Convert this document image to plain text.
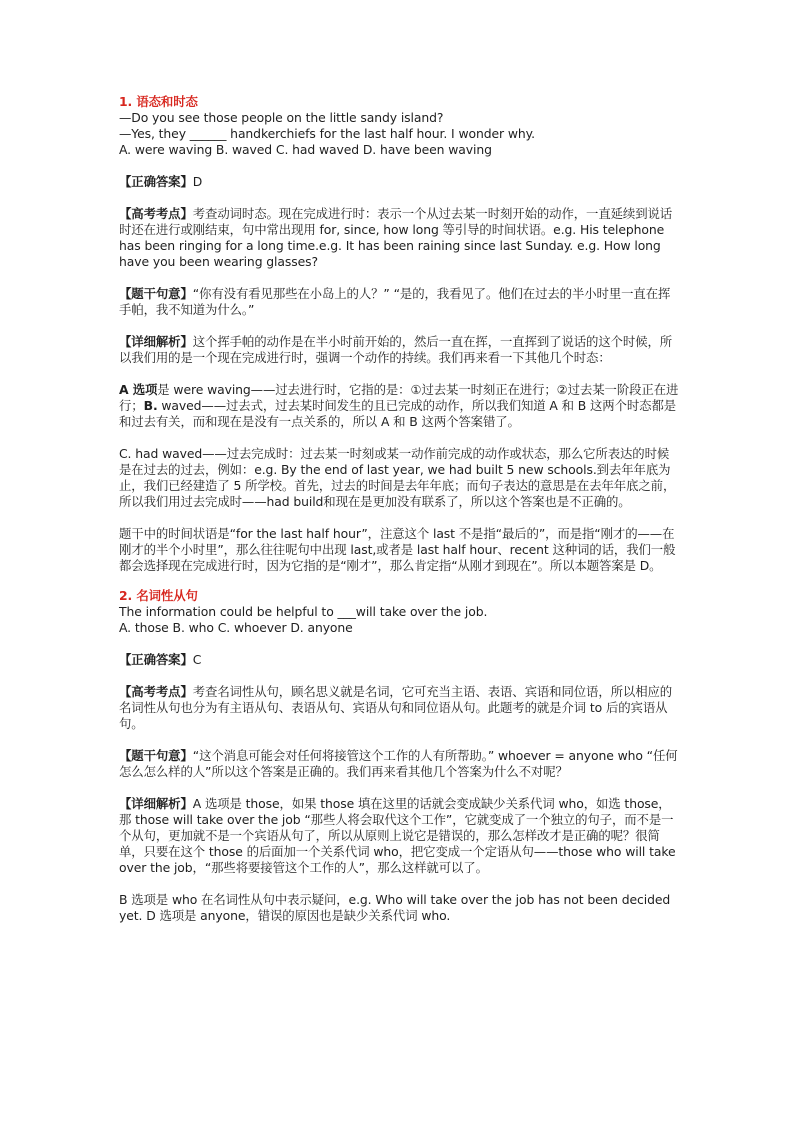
1. 语态和时态

—Do you see those people on the little sandy island?

—Yes, they ______ handkerchiefs for the last half hour. I wonder why.

A. were waving B. waved C. had waved D. have been waving

【正确答案】D

【高考考点】考查动词时态。现在完成进行时：表示一个从过去某一时刻开始的动作，一直延续到说话时还在进行或刚结束，句中常出现用 for, since, how long 等引导的时间状语。e.g. His telephone has been ringing for a long time.e.g. It has been raining since last Sunday. e.g. How long have you been wearing glasses?

【题干句意】“你有没有看见那些在小岛上的人？” “是的，我看见了。他们在过去的半小时里一直在挥手帕，我不知道为什么。”

【详细解析】这个挥手帕的动作是在半小时前开始的，然后一直在挥，一直挥到了说话的这个时候，所以我们用的是一个现在完成进行时，强调一个动作的持续。我们再来看一下其他几个时态：

A 选项是 were waving——过去进行时，它指的是：①过去某一时刻正在进行；②过去某一阶段正在进行；B. waved——过去式，过去某时间发生的且已完成的动作，所以我们知道 A 和 B 这两个时态都是和过去有关，而和现在是没有一点关系的，所以 A 和 B 这两个答案错了。

C. had waved——过去完成时：过去某一时刻或某一动作前完成的动作或状态，那么它所表达的时候是在过去的过去，例如：e.g. By the end of last year, we had built 5 new schools.到去年年底为止，我们已经建造了 5 所学校。首先，过去的时间是去年年底；而句子表达的意思是在去年年底之前，所以我们用过去完成时——had build和现在是更加没有联系了，所以这个答案也是不正确的。

题干中的时间状语是“for the last half hour”，注意这个 last 不是指“最后的”，而是指“刚才的——在刚才的半个小时里”，那么往往呢句中出现 last,或者是 last half hour、recent 这种词的话，我们一般都会选择现在完成进行时，因为它指的是“刚才”，那么肯定指“从刚才到现在”。所以本题答案是 D。

2. 名词性从句

The information could be helpful to ___will take over the job.

A. those B. who C. whoever D. anyone

【正确答案】C

【高考考点】考查名词性从句，顾名思义就是名词，它可充当主语、表语、宾语和同位语，所以相应的名词性从句也分为有主语从句、表语从句、宾语从句和同位语从句。此题考的就是介词 to 后的宾语从句。

【题干句意】“这个消息可能会对任何将接管这个工作的人有所帮助。” whoever = anyone who “任何怎么怎么样的人”所以这个答案是正确的。我们再来看其他几个答案为什么不对呢？

【详细解析】A 选项是 those，如果 those 填在这里的话就会变成缺少关系代词 who，如选 those，那 those will take over the job “那些人将会取代这个工作”，它就变成了一个独立的句子，而不是一个从句，更加就不是一个宾语从句了，所以从原则上说它是错误的，那么怎样改才是正确的呢？很简单，只要在这个 those 的后面加一个关系代词 who，把它变成一个定语从句——those who will take over the job，“那些将要接管这个工作的人”，那么这样就可以了。

B 选项是 who 在名词性从句中表示疑问，e.g. Who will take over the job has not been decided yet. D 选项是 anyone，错误的原因也是缺少关系代词 who.
